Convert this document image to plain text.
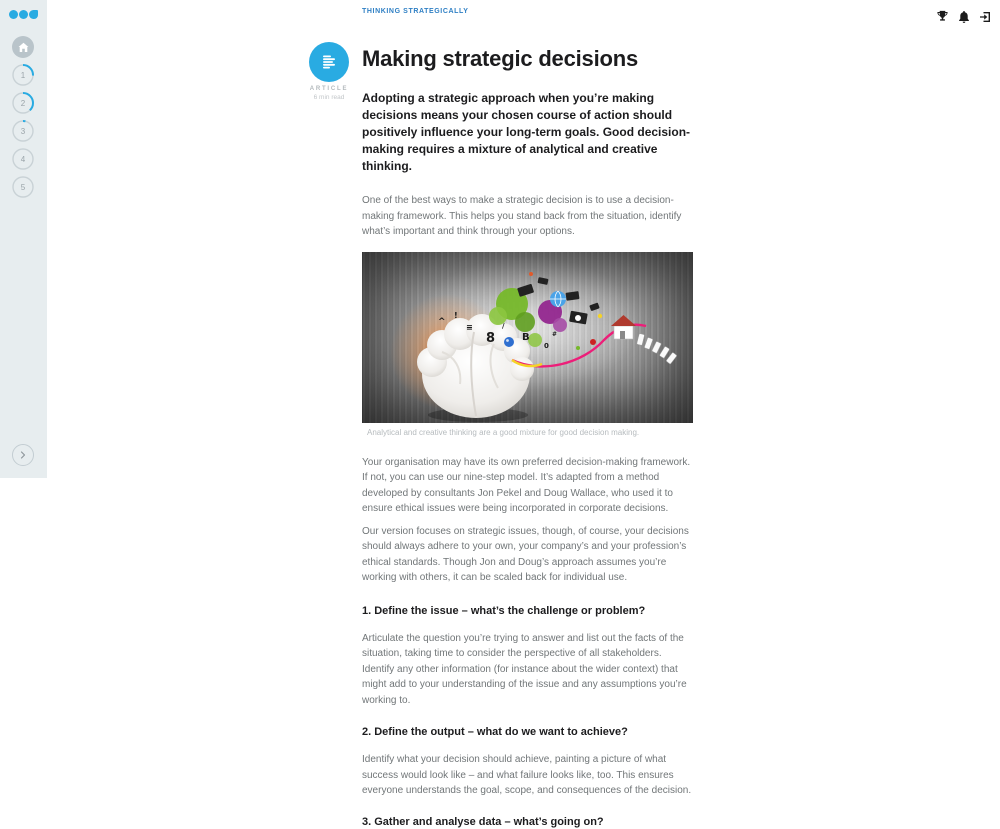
1
2
3
4
5
THINKING STRATEGICALLY
ARTICLE
6 min read
Making strategic decisions

Adopting a strategic approach when you’re making decisions means your chosen course of action should positively influence your long-term goals. Good decision-making requires a mixture of analytical and creative thinking.

One of the best ways to make a strategic decision is to use a decision-making framework. This helps you stand back from the situation, identify what’s important and think through your options.

^
!
≡
8
/
B
0
#
Analytical and creative thinking are a good mixture for good decision making.

Your organisation may have its own preferred decision-making framework. If not, you can use our nine-step model. It’s adapted from a method developed by consultants Jon Pekel and Doug Wallace, who used it to ensure ethical issues were being incorporated in corporate decisions.

Our version focuses on strategic issues, though, of course, your decisions should always adhere to your own, your company’s and your profession’s ethical standards. Though Jon and Doug’s approach assumes you’re working with others, it can be scaled back for individual use.

1. Define the issue – what’s the challenge or problem?

Articulate the question you’re trying to answer and list out the facts of the situation, taking time to consider the perspective of all stakeholders. Identify any other information (for instance about the wider context) that might add to your understanding of the issue and any assumptions you’re working to.

2. Define the output – what do we want to achieve?

Identify what your decision should achieve, painting a picture of what success would look like – and what failure looks like, too. This ensures everyone understands the goal, scope, and consequences of the decision.

3. Gather and analyse data – what’s going on?
